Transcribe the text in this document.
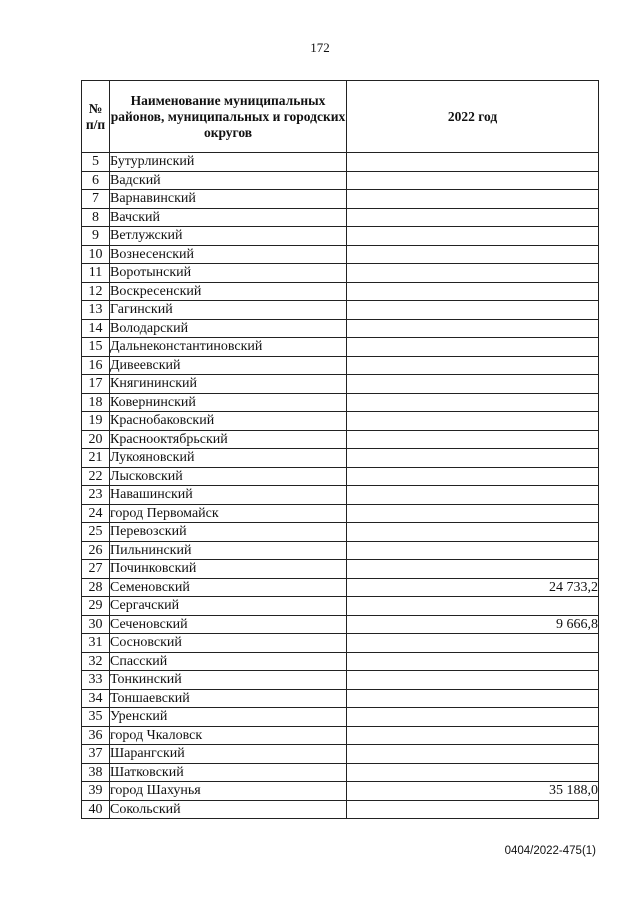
172
№ п/п	Наименование муниципальных районов, муниципальных и городских округов	2022 год
5	Бутурлинский	
6	Вадский	
7	Варнавинский	
8	Вачский	
9	Ветлужский	
10	Вознесенский	
11	Воротынский	
12	Воскресенский	
13	Гагинский	
14	Володарский	
15	Дальнеконстантиновский	
16	Дивеевский	
17	Княгининский	
18	Ковернинский	
19	Краснобаковский	
20	Краснооктябрьский	
21	Лукояновский	
22	Лысковский	
23	Навашинский	
24	город Первомайск	
25	Перевозский	
26	Пильнинский	
27	Починковский	
28	Семеновский	24 733,2
29	Сергачский	
30	Сеченовский	9 666,8
31	Сосновский	
32	Спасский	
33	Тонкинский	
34	Тоншаевский	
35	Уренский	
36	город Чкаловск	
37	Шарангский	
38	Шатковский	
39	город Шахунья	35 188,0
40	Сокольский	
0404/2022-475(1)
